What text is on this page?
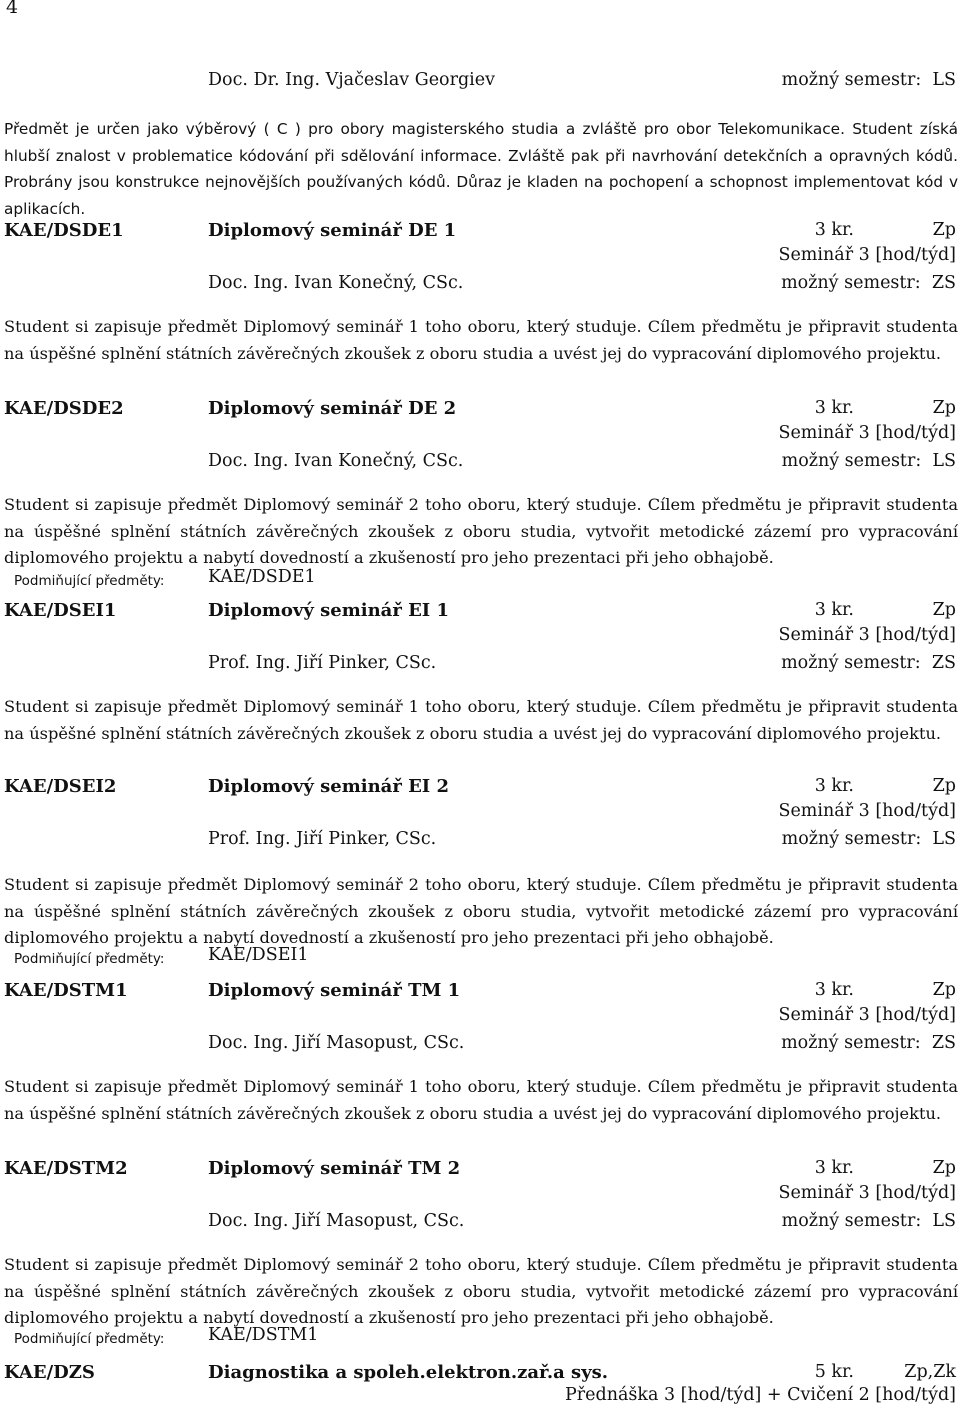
4
Doc. Dr. Ing. Vjačeslav Georgiev	možný semestr: LS
Předmět je určen jako výběrový ( C ) pro obory magisterského studia a zvláště pro obor Telekomunikace. Student získá hlubší znalost v problematice kódování při sdělování informace. Zvláště pak při navrhování detekčních a opravných kódů. Probrány jsou konstrukce nejnovějších používaných kódů. Důraz je kladen na pochopení a schopnost implementovat kód v aplikacích.
KAE/DSDE1	Diplomový seminář DE 1	3 kr.	Zp
Seminář 3 [hod/týd]
Doc. Ing. Ivan Konečný, CSc.	možný semestr: ZS
Student si zapisuje předmět Diplomový seminář 1 toho oboru, který studuje. Cílem předmětu je připravit studenta na úspěšné splnění státních závěrečných zkoušek z oboru studia a uvést jej do vypracování diplomového projektu.
KAE/DSDE2	Diplomový seminář DE 2	3 kr.	Zp
Seminář 3 [hod/týd]
Doc. Ing. Ivan Konečný, CSc.	možný semestr: LS
Student si zapisuje předmět Diplomový seminář 2 toho oboru, který studuje. Cílem předmětu je připravit studenta na úspěšné splnění státních závěrečných zkoušek z oboru studia, vytvořit metodické zázemí pro vypracování diplomového projektu a nabytí dovedností a zkušeností pro jeho prezentaci při jeho obhajobě.
Podmiňující předměty: KAE/DSDE1
KAE/DSEI1	Diplomový seminář EI 1	3 kr.	Zp
Seminář 3 [hod/týd]
Prof. Ing. Jiří Pinker, CSc.	možný semestr: ZS
Student si zapisuje předmět Diplomový seminář 1 toho oboru, který studuje. Cílem předmětu je připravit studenta na úspěšné splnění státních závěrečných zkoušek z oboru studia a uvést jej do vypracování diplomového projektu.
KAE/DSEI2	Diplomový seminář EI 2	3 kr.	Zp
Seminář 3 [hod/týd]
Prof. Ing. Jiří Pinker, CSc.	možný semestr: LS
Student si zapisuje předmět Diplomový seminář 2 toho oboru, který studuje. Cílem předmětu je připravit studenta na úspěšné splnění státních závěrečných zkoušek z oboru studia, vytvořit metodické zázemí pro vypracování diplomového projektu a nabytí dovedností a zkušeností pro jeho prezentaci při jeho obhajobě.
Podmiňující předměty: KAE/DSEI1
KAE/DSTM1	Diplomový seminář TM 1	3 kr.	Zp
Seminář 3 [hod/týd]
Doc. Ing. Jiří Masopust, CSc.	možný semestr: ZS
Student si zapisuje předmět Diplomový seminář 1 toho oboru, který studuje. Cílem předmětu je připravit studenta na úspěšné splnění státních závěrečných zkoušek z oboru studia a uvést jej do vypracování diplomového projektu.
KAE/DSTM2	Diplomový seminář TM 2	3 kr.	Zp
Seminář 3 [hod/týd]
Doc. Ing. Jiří Masopust, CSc.	možný semestr: LS
Student si zapisuje předmět Diplomový seminář 2 toho oboru, který studuje. Cílem předmětu je připravit studenta na úspěšné splnění státních závěrečných zkoušek z oboru studia, vytvořit metodické zázemí pro vypracování diplomového projektu a nabytí dovedností a zkušeností pro jeho prezentaci při jeho obhajobě.
Podmiňující předměty: KAE/DSTM1
KAE/DZS	Diagnostika a spoleh.elektron.zař.a sys.	5 kr.	Zp,Zk
Přednáška 3 [hod/týd] + Cvičení 2 [hod/týd]
